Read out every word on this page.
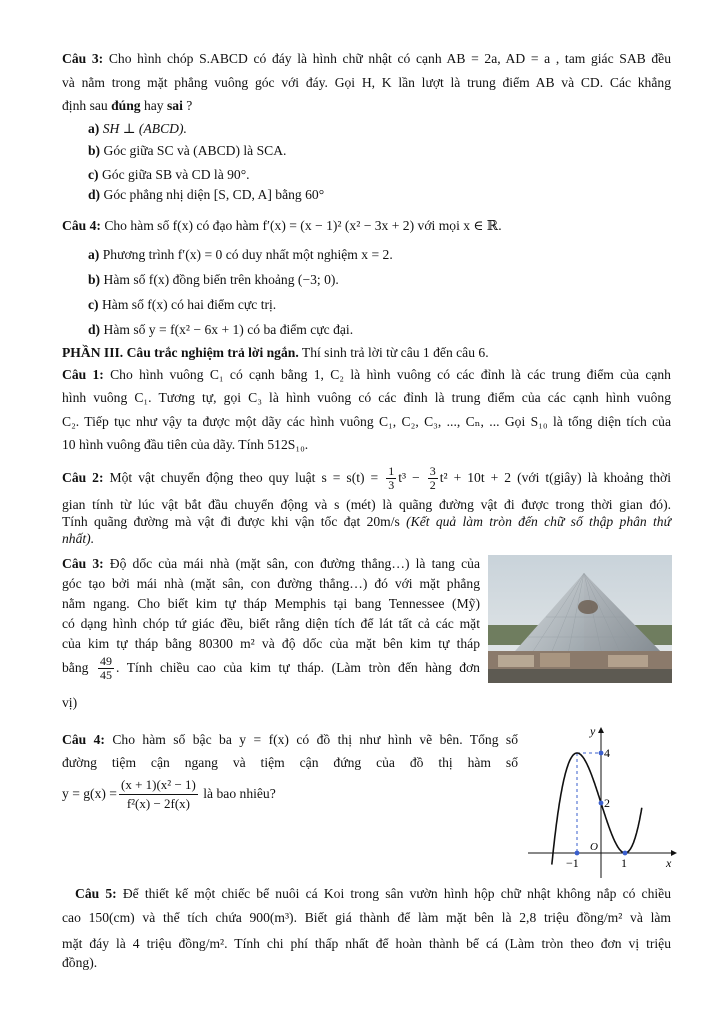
Câu 3: Cho hình chóp S.ABCD có đáy là hình chữ nhật có cạnh AB = 2a, AD = a , tam giác SAB đều
và nằm trong mặt phẳng vuông góc với đáy. Gọi H, K lần lượt là trung điểm AB và CD. Các khẳng
định sau đúng hay sai ?
a) SH ⊥ (ABCD).
b) Góc giữa SC và (ABCD) là SCA.
c) Góc giữa SB và CD là 90°.
d) Góc phẳng nhị diện [S, CD, A] bằng 60°
Câu 4: Cho hàm số f(x) có đạo hàm f′(x) = (x − 1)² (x² − 3x + 2) với mọi x ∈ ℝ.
a) Phương trình f′(x) = 0 có duy nhất một nghiệm x = 2.
b) Hàm số f(x) đồng biến trên khoảng (−3; 0).
c) Hàm số f(x) có hai điểm cực trị.
d) Hàm số y = f(x² − 6x + 1) có ba điểm cực đại.
PHẦN III. Câu trắc nghiệm trả lời ngắn. Thí sinh trả lời từ câu 1 đến câu 6.
Câu 1: Cho hình vuông C₁ có cạnh bằng 1, C₂ là hình vuông có các đỉnh là các trung điểm của cạnh
hình vuông C₁. Tương tự, gọi C₃ là hình vuông có các đỉnh là trung điểm của các cạnh hình vuông
C₂. Tiếp tục như vậy ta được một dãy các hình vuông C₁, C₂, C₃, ..., Cₙ, ... Gọi S₁₀ là tổng diện tích của
10 hình vuông đầu tiên của dãy. Tính 512S₁₀.
Câu 2: Một vật chuyển động theo quy luật $s = s(t) = \frac{1}{3} t^3 - \frac{3}{2} t^2 + 10t + 2$ (với t(giây) là khoảng thời
gian tính từ lúc vật bắt đầu chuyển động và s (mét) là quãng đường vật đi được trong thời gian đó).
Tính quãng đường mà vật đi được khi vận tốc đạt 20m/s (Kết quả làm tròn đến chữ số thập phân thứ
nhất).
Câu 3: Độ dốc của mái nhà (mặt sân, con đường thẳng…) là tang của
góc tạo bởi mái nhà (mặt sân, con đường thẳng…) đó với mặt phẳng
nằm ngang. Cho biết kim tự tháp Memphis tại bang Tennessee (Mỹ)
có dạng hình chóp tứ giác đều, biết rằng diện tích để lát tất cả các mặt
của kim tự tháp bằng 80300 m² và độ dốc của mặt bên kim tự tháp
bằng $\frac{49}{45}$ . Tính chiều cao của kim tự tháp. (Làm tròn đến hàng đơn
vị)
Câu 4: Cho hàm số bậc ba y = f(x) có đồ thị như hình vẽ bên. Tổng số
đường tiệm cận ngang và tiệm cận đứng của đồ thị hàm số
$y = g(x) = \frac{\text{(x + 1)(x² − 1)}}{\text{f²(x) − 2f(x)}}$ là bao nhiêu?
y
x
4
2
O
−1	1
Câu 5: Để thiết kế một chiếc bể nuôi cá Koi trong sân vườn hình hộp chữ nhật không nắp có chiều
cao 150(cm) và thể tích chứa 900(m³). Biết giá thành để làm mặt bên là 2,8 triệu đồng/m² và làm
mặt đáy là 4 triệu đồng/m². Tính chi phí thấp nhất để hoàn thành bể cá (Làm tròn theo đơn vị triệu
đồng).
